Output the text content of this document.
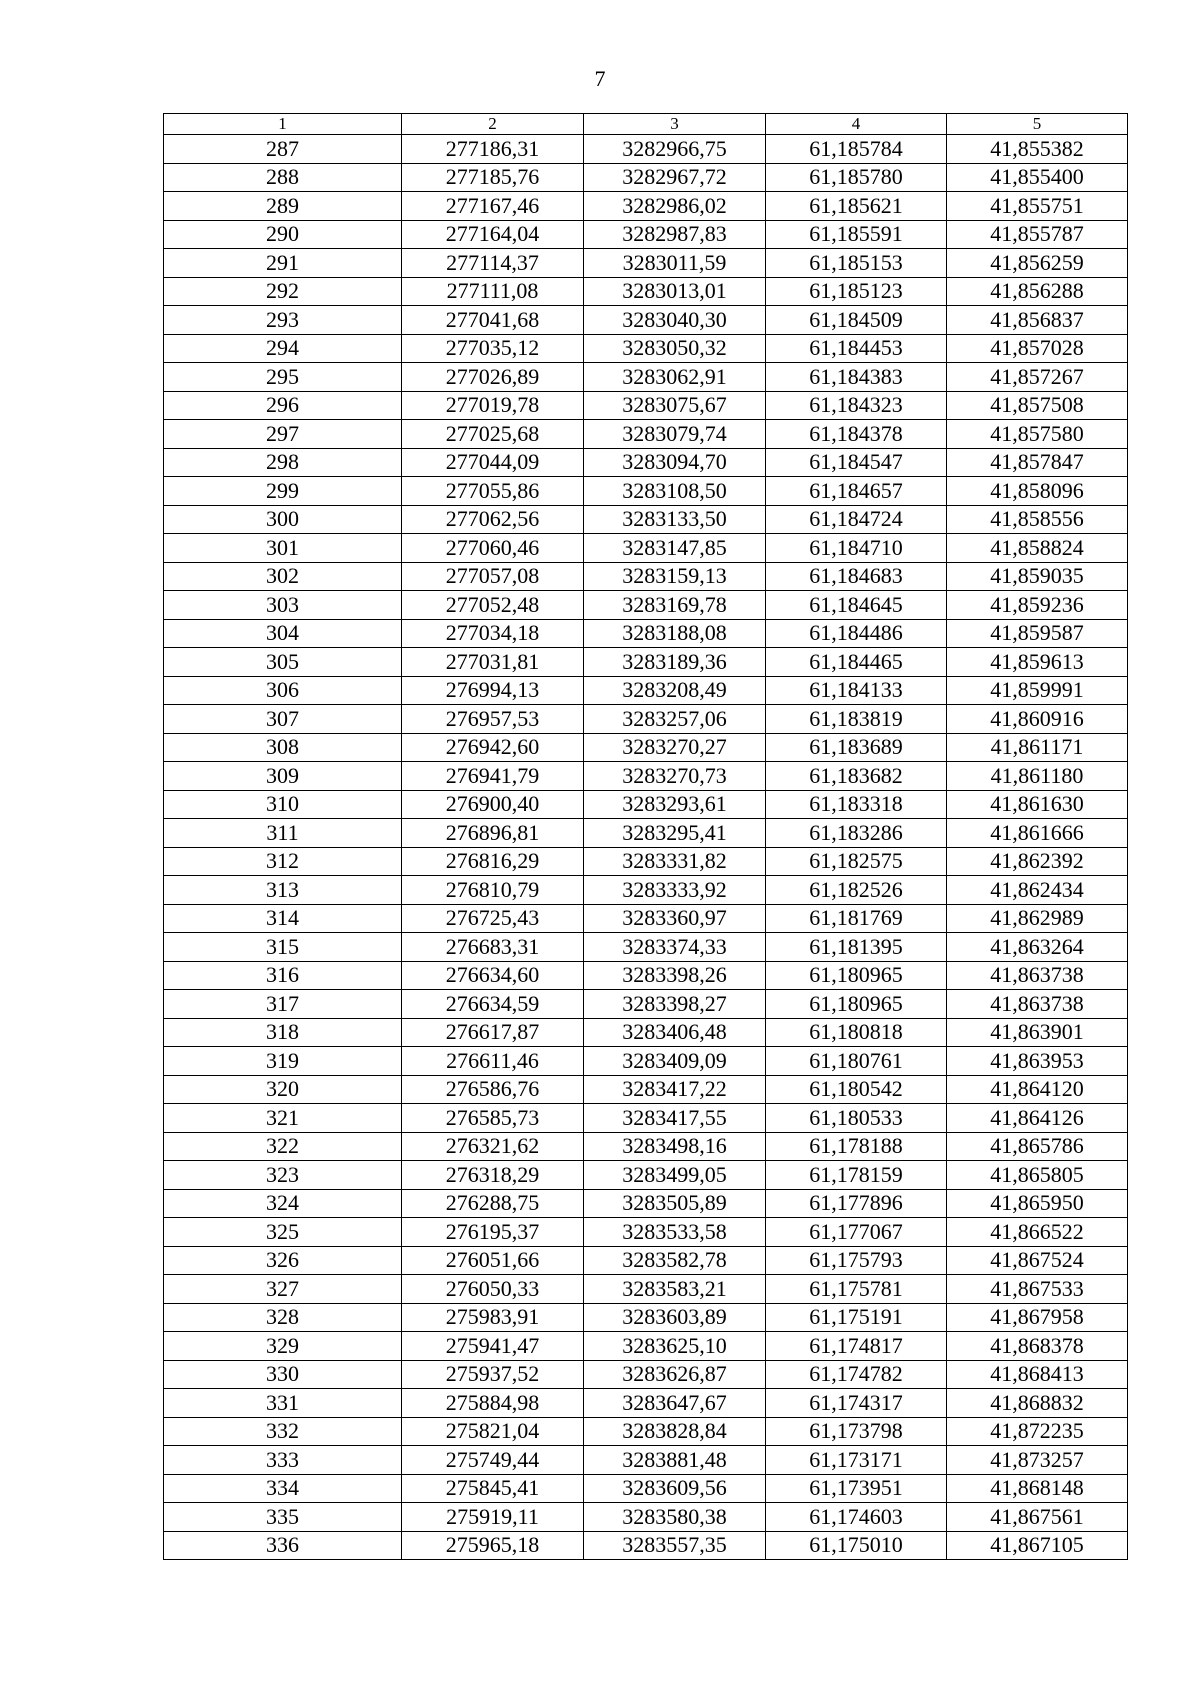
7
1	2	3	4	5
287	277186,31	3282966,75	61,185784	41,855382
288	277185,76	3282967,72	61,185780	41,855400
289	277167,46	3282986,02	61,185621	41,855751
290	277164,04	3282987,83	61,185591	41,855787
291	277114,37	3283011,59	61,185153	41,856259
292	277111,08	3283013,01	61,185123	41,856288
293	277041,68	3283040,30	61,184509	41,856837
294	277035,12	3283050,32	61,184453	41,857028
295	277026,89	3283062,91	61,184383	41,857267
296	277019,78	3283075,67	61,184323	41,857508
297	277025,68	3283079,74	61,184378	41,857580
298	277044,09	3283094,70	61,184547	41,857847
299	277055,86	3283108,50	61,184657	41,858096
300	277062,56	3283133,50	61,184724	41,858556
301	277060,46	3283147,85	61,184710	41,858824
302	277057,08	3283159,13	61,184683	41,859035
303	277052,48	3283169,78	61,184645	41,859236
304	277034,18	3283188,08	61,184486	41,859587
305	277031,81	3283189,36	61,184465	41,859613
306	276994,13	3283208,49	61,184133	41,859991
307	276957,53	3283257,06	61,183819	41,860916
308	276942,60	3283270,27	61,183689	41,861171
309	276941,79	3283270,73	61,183682	41,861180
310	276900,40	3283293,61	61,183318	41,861630
311	276896,81	3283295,41	61,183286	41,861666
312	276816,29	3283331,82	61,182575	41,862392
313	276810,79	3283333,92	61,182526	41,862434
314	276725,43	3283360,97	61,181769	41,862989
315	276683,31	3283374,33	61,181395	41,863264
316	276634,60	3283398,26	61,180965	41,863738
317	276634,59	3283398,27	61,180965	41,863738
318	276617,87	3283406,48	61,180818	41,863901
319	276611,46	3283409,09	61,180761	41,863953
320	276586,76	3283417,22	61,180542	41,864120
321	276585,73	3283417,55	61,180533	41,864126
322	276321,62	3283498,16	61,178188	41,865786
323	276318,29	3283499,05	61,178159	41,865805
324	276288,75	3283505,89	61,177896	41,865950
325	276195,37	3283533,58	61,177067	41,866522
326	276051,66	3283582,78	61,175793	41,867524
327	276050,33	3283583,21	61,175781	41,867533
328	275983,91	3283603,89	61,175191	41,867958
329	275941,47	3283625,10	61,174817	41,868378
330	275937,52	3283626,87	61,174782	41,868413
331	275884,98	3283647,67	61,174317	41,868832
332	275821,04	3283828,84	61,173798	41,872235
333	275749,44	3283881,48	61,173171	41,873257
334	275845,41	3283609,56	61,173951	41,868148
335	275919,11	3283580,38	61,174603	41,867561
336	275965,18	3283557,35	61,175010	41,867105
